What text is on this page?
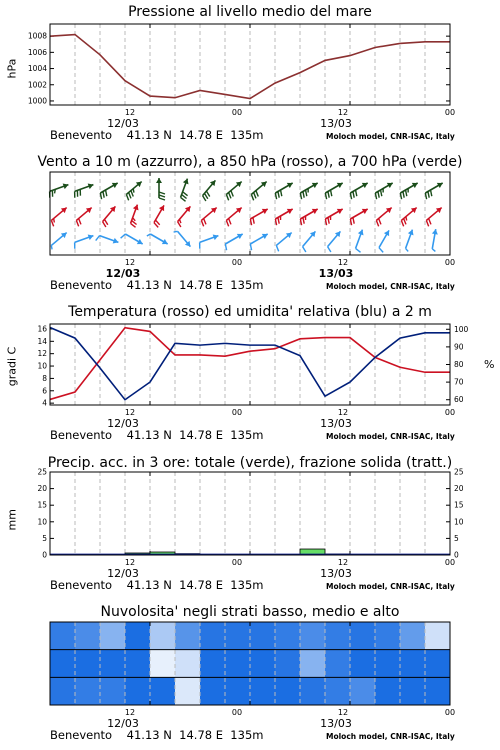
Pressione al livello medio del mare
1000
1002
1004
1006
1008
hPa
12	00	12	00
12/03	13/03
Benevento    41.13 N  14.78 E  135m	Moloch model, CNR-ISAC, Italy
Vento a 10 m (azzurro), a 850 hPa (rosso), a 700 hPa (verde)
12	00	12	00
12/03	13/03
Benevento    41.13 N  14.78 E  135m	Moloch model, CNR-ISAC, Italy
Temperatura (rosso) ed umidita' relativa (blu) a 2 m
4
6
8
10
12
14
16
60
70
80
90
100
gradi C	%
12	00	12	00
12/03	13/03
Benevento    41.13 N  14.78 E  135m	Moloch model, CNR-ISAC, Italy
Precip. acc. in 3 ore: totale (verde), frazione solida (tratt.)
0	0
5	5
10	10
15	15
20	20
25	25
mm
12	00	12	00
12/03	13/03
Benevento    41.13 N  14.78 E  135m	Moloch model, CNR-ISAC, Italy
Nuvolosita' negli strati basso, medio e alto
12	00	12	00
12/03	13/03
Benevento    41.13 N  14.78 E  135m	Moloch model, CNR-ISAC, Italy
